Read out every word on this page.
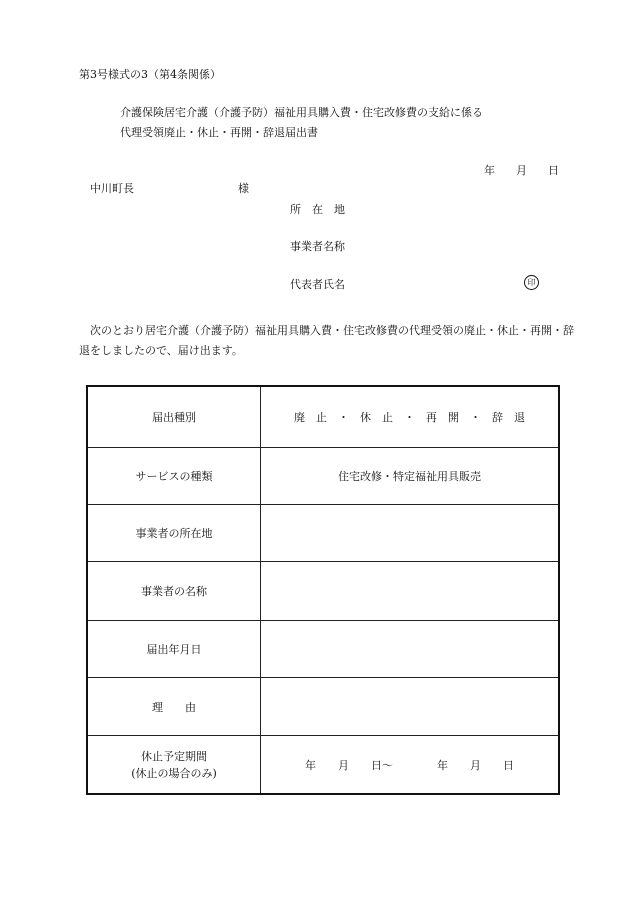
第3号様式の3（第4条関係）
介護保険居宅介護（介護予防）福祉用具購入費・住宅改修費の支給に係る
代理受領廃止・休止・再開・辞退届出書
年 月 日
中川町長	様
所　在　地
事業者名称
代表者氏名	印
次のとおり居宅介護（介護予防）福祉用具購入費・住宅改修費の代理受領の廃止・休止・再開・辞
退をしましたので、届け出ます。
届出種別	廃　止　・　休　止　・　再　開　・　辞　退
サービスの種類	住宅改修・特定福祉用具販売
事業者の所在地	
事業者の名称	
届出年月日	
理　　由	

休止予定期間
(休止の場合のみ)	年　　月　　日～　　　　年　　月　　日
